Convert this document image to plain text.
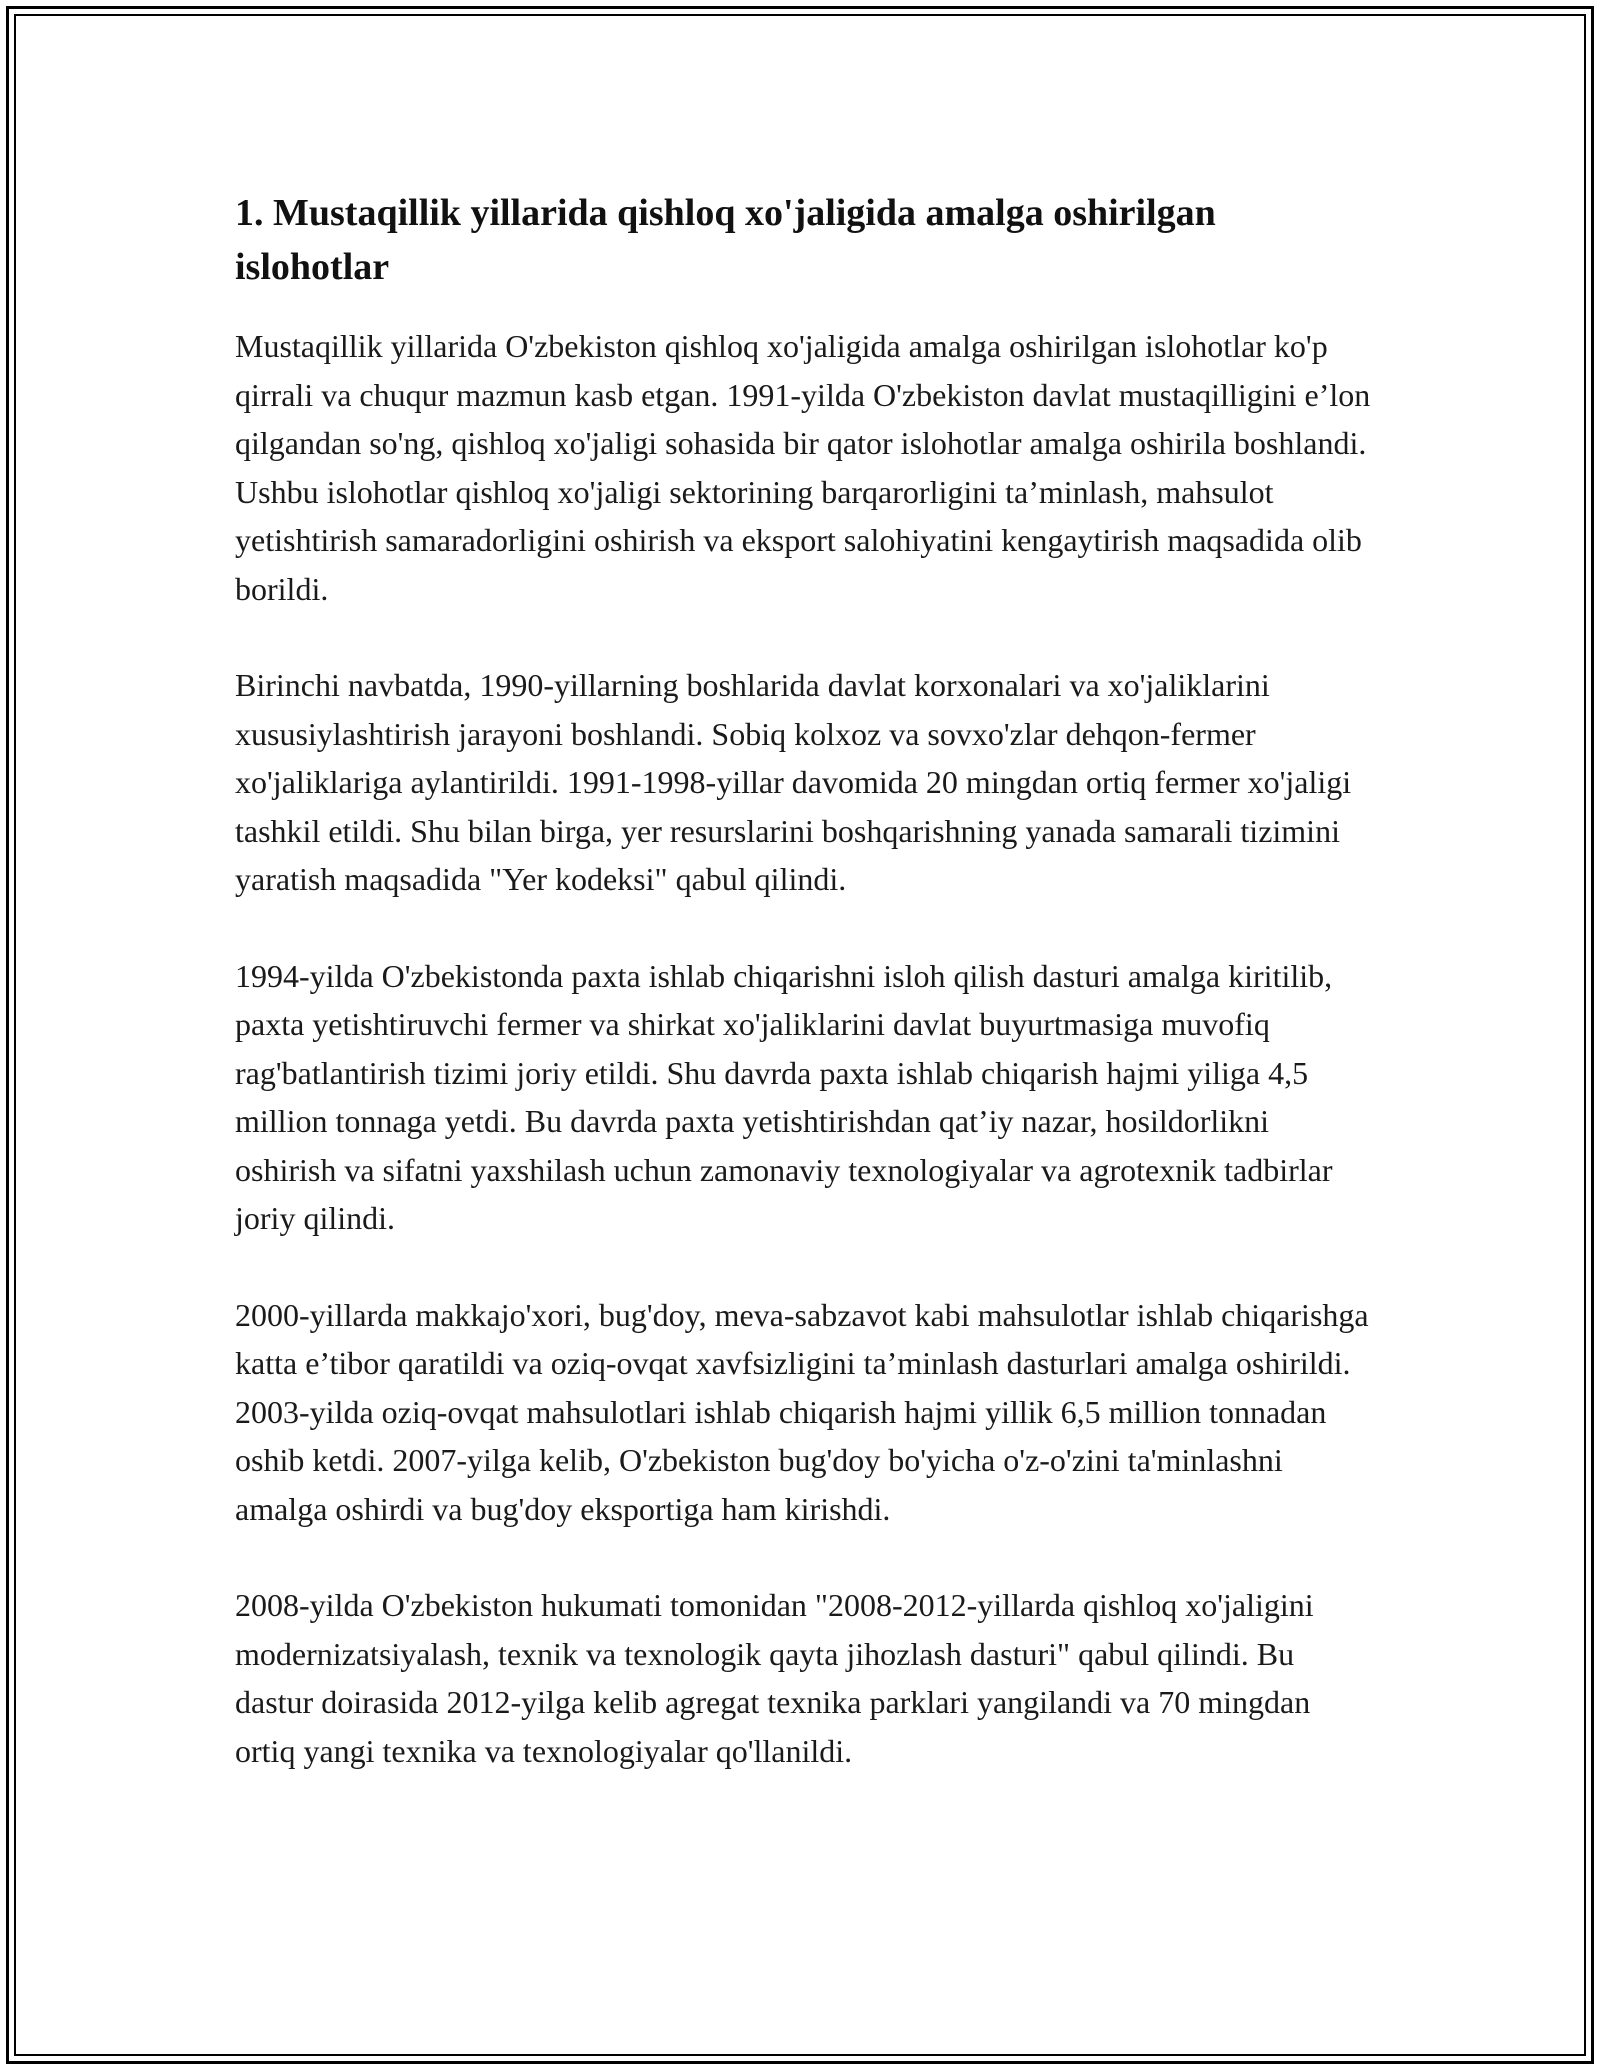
1. Mustaqillik yillarida qishloq xo'jaligida amalga oshirilgan islohotlar

Mustaqillik yillarida O'zbekiston qishloq xo'jaligida amalga oshirilgan islohotlar ko'p qirrali va chuqur mazmun kasb etgan. 1991-yilda O'zbekiston davlat mustaqilligini e’lon qilgandan so'ng, qishloq xo'jaligi sohasida bir qator islohotlar amalga oshirila boshlandi. Ushbu islohotlar qishloq xo'jaligi sektorining barqarorligini ta’minlash, mahsulot yetishtirish samaradorligini oshirish va eksport salohiyatini kengaytirish maqsadida olib borildi.

Birinchi navbatda, 1990-yillarning boshlarida davlat korxonalari va xo'jaliklarini xususiylashtirish jarayoni boshlandi. Sobiq kolxoz va sovxo'zlar dehqon-fermer xo'jaliklariga aylantirildi. 1991-1998-yillar davomida 20 mingdan ortiq fermer xo'jaligi tashkil etildi. Shu bilan birga, yer resurslarini boshqarishning yanada samarali tizimini yaratish maqsadida "Yer kodeksi" qabul qilindi.

1994-yilda O'zbekistonda paxta ishlab chiqarishni isloh qilish dasturi amalga kiritilib, paxta yetishtiruvchi fermer va shirkat xo'jaliklarini davlat buyurtmasiga muvofiq rag'batlantirish tizimi joriy etildi. Shu davrda paxta ishlab chiqarish hajmi yiliga 4,5 million tonnaga yetdi. Bu davrda paxta yetishtirishdan qat’iy nazar, hosildorlikni oshirish va sifatni yaxshilash uchun zamonaviy texnologiyalar va agrotexnik tadbirlar joriy qilindi.

2000-yillarda makkajo'xori, bug'doy, meva-sabzavot kabi mahsulotlar ishlab chiqarishga katta e’tibor qaratildi va oziq-ovqat xavfsizligini ta’minlash dasturlari amalga oshirildi. 2003-yilda oziq-ovqat mahsulotlari ishlab chiqarish hajmi yillik 6,5 million tonnadan oshib ketdi. 2007-yilga kelib, O'zbekiston bug'doy bo'yicha o'z-o'zini ta'minlashni amalga oshirdi va bug'doy eksportiga ham kirishdi.

2008-yilda O'zbekiston hukumati tomonidan "2008-2012-yillarda qishloq xo'jaligini modernizatsiyalash, texnik va texnologik qayta jihozlash dasturi" qabul qilindi. Bu dastur doirasida 2012-yilga kelib agregat texnika parklari yangilandi va 70 mingdan ortiq yangi texnika va texnologiyalar qo'llanildi.
